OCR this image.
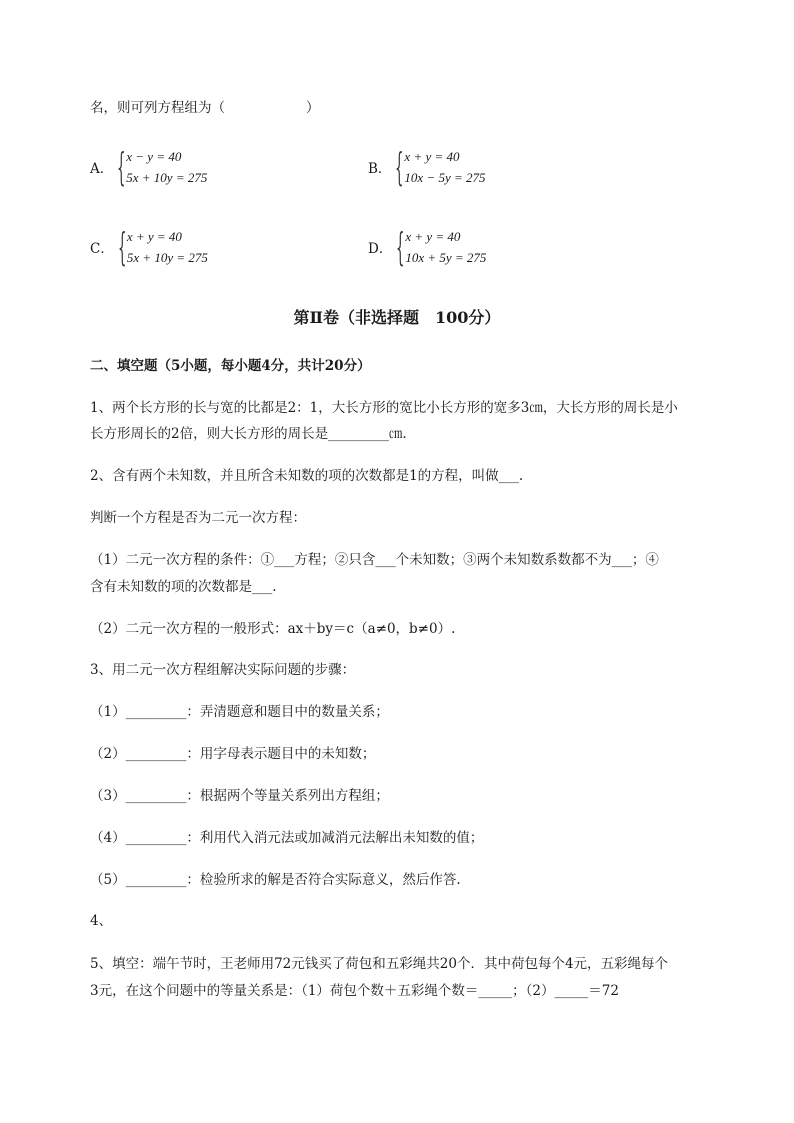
名，则可列方程组为（　　　　　　）
A． { x − y = 40
5x + 10y = 275
B． { x + y = 40
10x − 5y = 275
C． { x + y = 40
5x + 10y = 275
D． { x + y = 40
10x + 5y = 275
第Ⅱ卷（非选择题　100分）
二、填空题（5小题，每小题4分，共计20分）
1、两个长方形的长与宽的比都是2：1，大长方形的宽比小长方形的宽多3㎝，大长方形的周长是小
长方形周长的2倍，则大长方形的周长是_________㎝.
2、含有两个未知数，并且所含未知数的项的次数都是1的方程，叫做___.
判断一个方程是否为二元一次方程：
（1）二元一次方程的条件：①___方程；②只含___个未知数；③两个未知数系数都不为___；④
含有未知数的项的次数都是___.
（2）二元一次方程的一般形式：ax＋by＝c（a≠0，b≠0）.
3、用二元一次方程组解决实际问题的步骤：
（1）_________：弄清题意和题目中的数量关系；
（2）_________：用字母表示题目中的未知数；
（3）_________：根据两个等量关系列出方程组；
（4）_________：利用代入消元法或加减消元法解出未知数的值；
（5）_________：检验所求的解是否符合实际意义，然后作答.
4、
5、填空：端午节时，王老师用72元钱买了荷包和五彩绳共20个．其中荷包每个4元，五彩绳每个
3元，在这个问题中的等量关系是：（1）荷包个数＋五彩绳个数＝_____；（2）_____＝72
